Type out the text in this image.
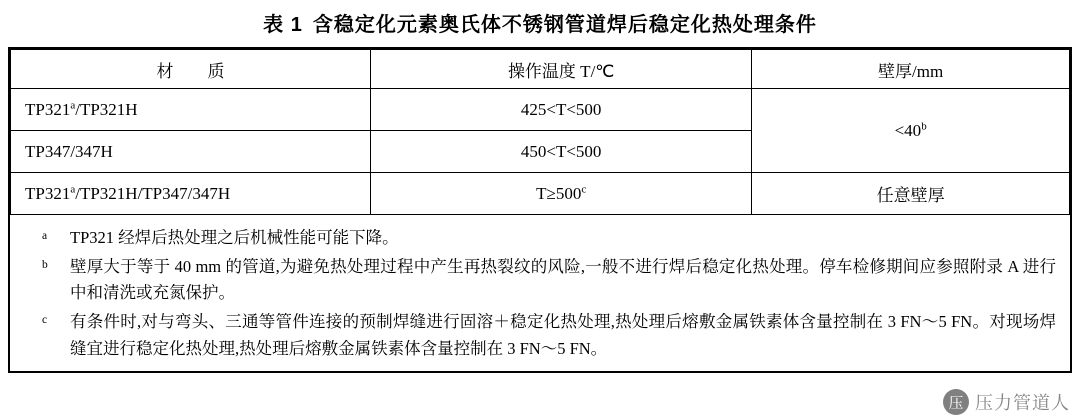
表 1 含稳定化元素奥氏体不锈钢管道焊后稳定化热处理条件
材　　质	操作温度 T/℃	壁厚/mm
TP321$^a$/TP321H	425<T<500	$<40^b$
TP347/347H	450<T<500	
TP321$^a$/TP321H/TP347/347H	$T\ge 500^c$	任意壁厚
a	TP321 经焊后热处理之后机械性能可能下降。
b	壁厚大于等于 40 mm 的管道,为避免热处理过程中产生再热裂纹的风险,一般不进行焊后稳定化热处理。停车检修期间应参照附录 A 进行中和清洗或充氮保护。
c	有条件时,对与弯头、三通等管件连接的预制焊缝进行固溶＋稳定化热处理,热处理后熔敷金属铁素体含量控制在 3 FN～5 FN。对现场焊缝宜进行稳定化热处理,热处理后熔敷金属铁素体含量控制在 3 FN～5 FN。
压 压力管道人
